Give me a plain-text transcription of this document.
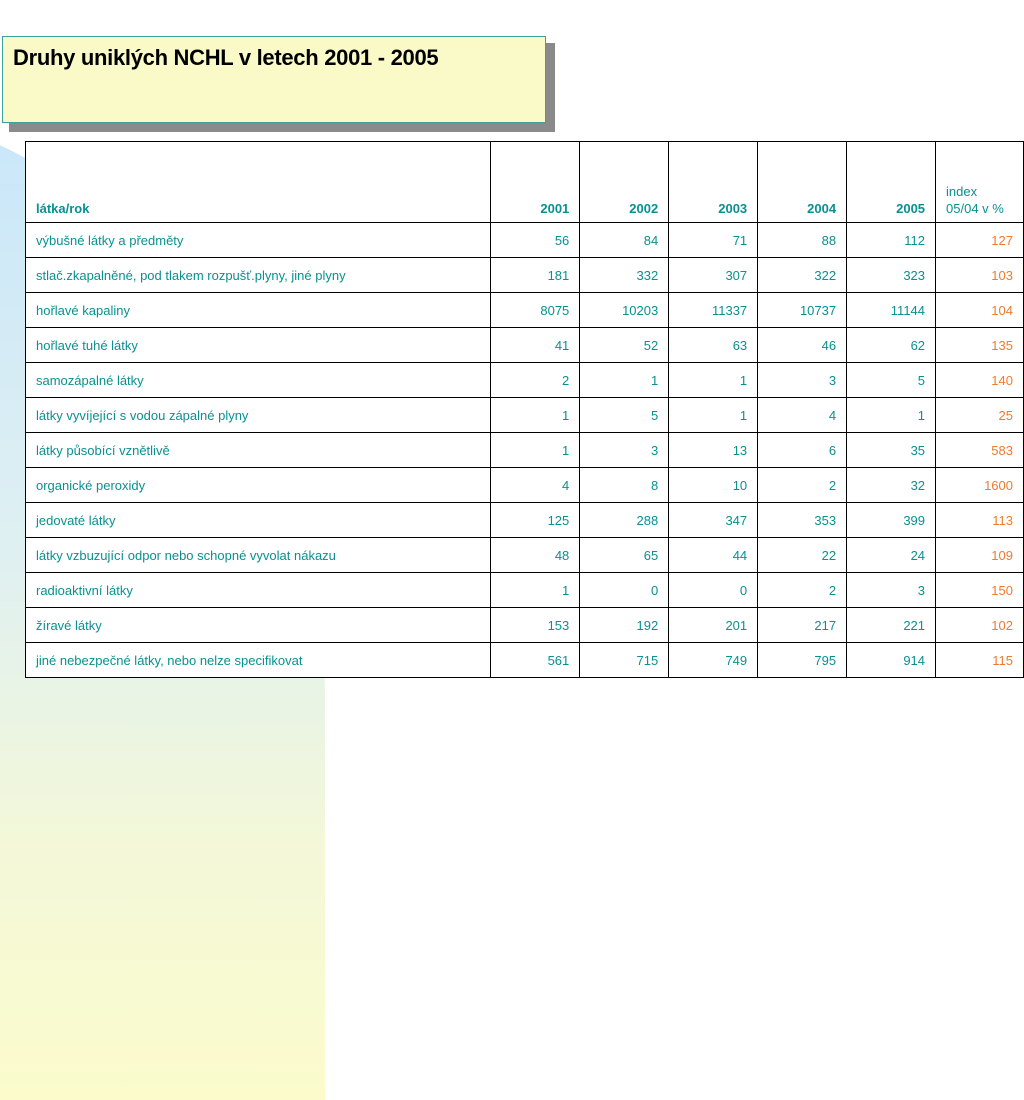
Druhy uniklých NCHL v letech 2001 - 2005
látka/rok	2001	2002	2003	2004	2005	index
05/04 v %
výbušné látky a předměty	56	84	71	88	112	127
stlač.zkapalněné, pod tlakem rozpušť.plyny, jiné plyny	181	332	307	322	323	103
hořlavé kapaliny	8075	10203	11337	10737	11144	104
hořlavé tuhé látky	41	52	63	46	62	135
samozápalné látky	2	1	1	3	5	140
látky vyvíjející s vodou zápalné plyny	1	5	1	4	1	25
látky působící vznětlivě	1	3	13	6	35	583
organické peroxidy	4	8	10	2	32	1600
jedovaté látky	125	288	347	353	399	113
látky vzbuzující odpor nebo schopné vyvolat nákazu	48	65	44	22	24	109
radioaktivní látky	1	0	0	2	3	150
žíravé látky	153	192	201	217	221	102
jiné nebezpečné látky, nebo nelze specifikovat	561	715	749	795	914	115
